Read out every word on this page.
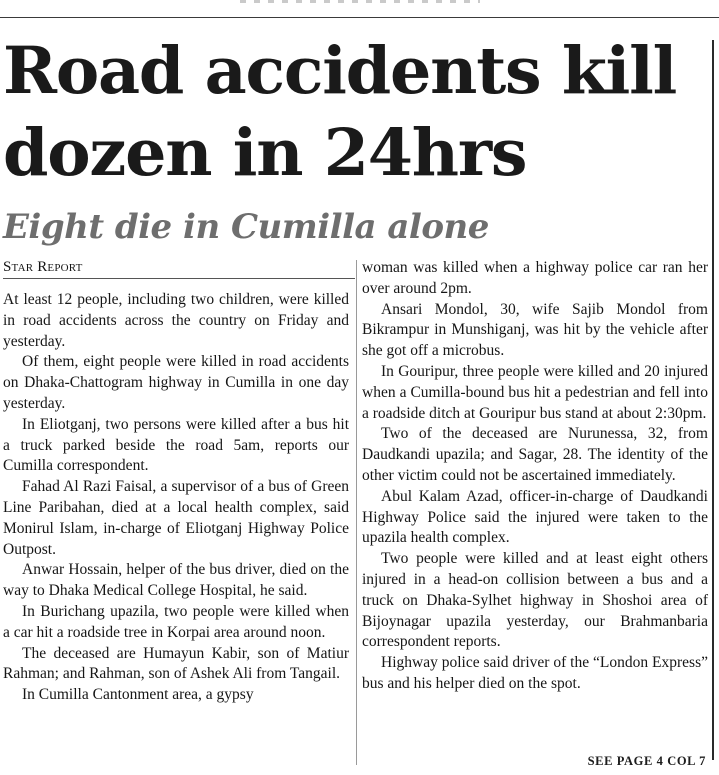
Road accidents kill
dozen in 24hrs
Eight die in Cumilla alone
Star Report

At least 12 people, including two children, were killed in road accidents across the country on Friday and yesterday.

Of them, eight people were killed in road accidents on Dhaka-Chattogram highway in Cumilla in one day yesterday.

In Eliotganj, two persons were killed after a bus hit a truck parked beside the road 5am, reports our Cumilla correspondent.

Fahad Al Razi Faisal, a supervisor of a bus of Green Line Paribahan, died at a local health complex, said Monirul Islam, in-charge of Eliotganj Highway Police Outpost.

Anwar Hossain, helper of the bus driver, died on the way to Dhaka Medical College Hospital, he said.

In Burichang upazila, two people were killed when a car hit a roadside tree in Korpai area around noon.

The deceased are Humayun Kabir, son of Matiur Rahman; and Rahman, son of Ashek Ali from Tangail.

In Cumilla Cantonment area, a gypsy

woman was killed when a highway police car ran her over around 2pm.

Ansari Mondol, 30, wife Sajib Mondol from Bikrampur in Munshiganj, was hit by the vehicle after she got off a microbus.

In Gouripur, three people were killed and 20 injured when a Cumilla-bound bus hit a pedestrian and fell into a roadside ditch at Gouripur bus stand at about 2:30pm.

Two of the deceased are Nurunessa, 32, from Daudkandi upazila; and Sagar, 28. The identity of the other victim could not be ascertained immediately.

Abul Kalam Azad, officer-in-charge of Daudkandi Highway Police said the injured were taken to the upazila health complex.

Two people were killed and at least eight others injured in a head-on collision between a bus and a truck on Dhaka-Sylhet highway in Shoshoi area of Bijoynagar upazila yesterday, our Brahmanbaria correspondent reports.

Highway police said driver of the “London Express” bus and his helper died on the spot.

SEE PAGE 4 COL 7
